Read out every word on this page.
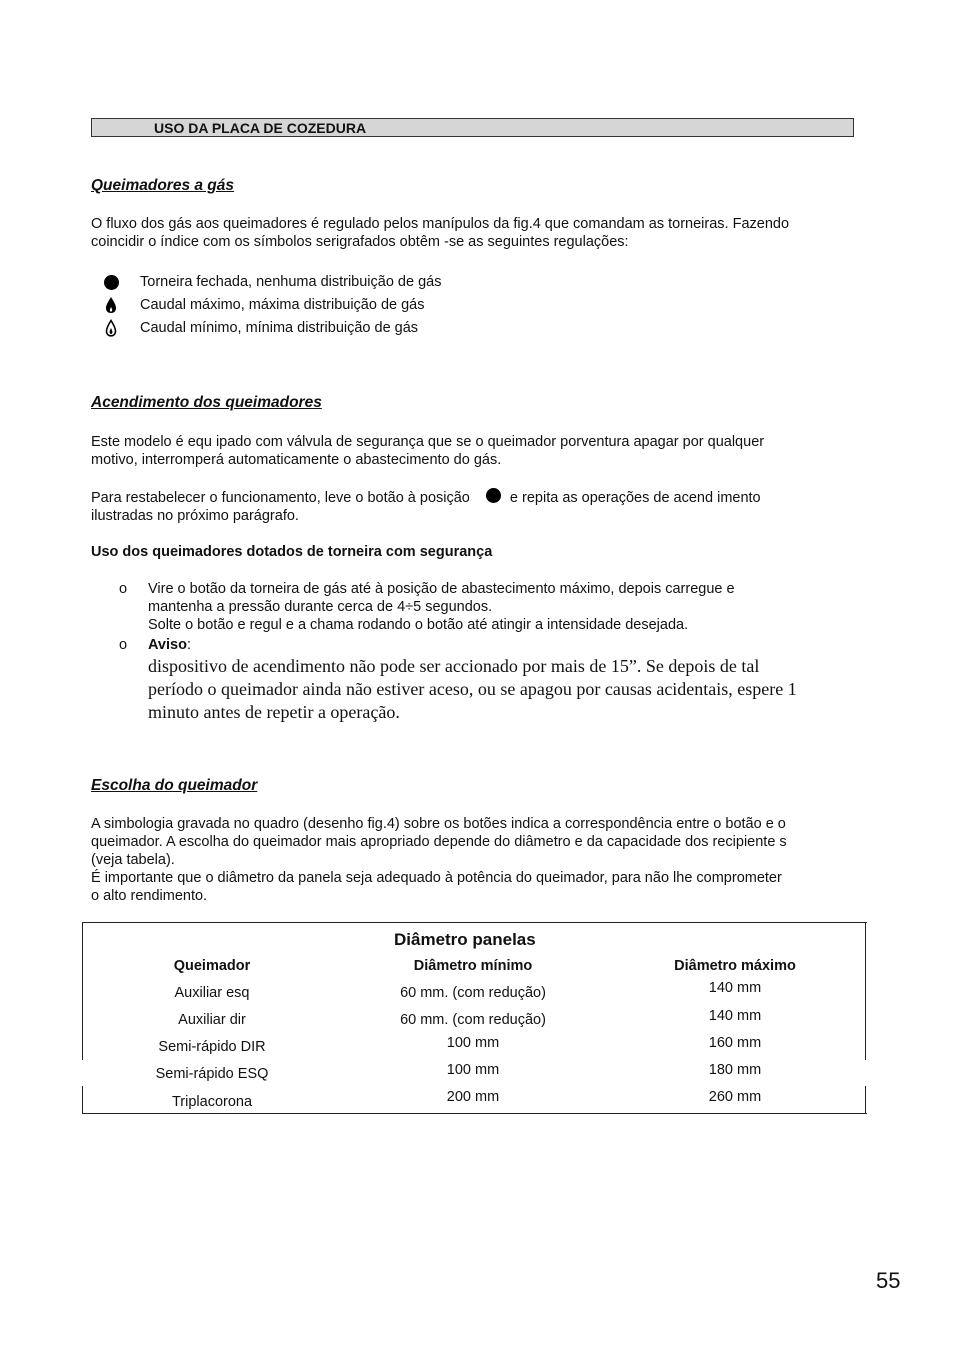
USO DA PLACA DE COZEDURA
Queimadores a gás
O fluxo dos gás aos queimadores é regulado pelos manípulos da fig.4 que comandam as torneiras. Fazendo
coincidir o índice com os símbolos serigrafados obtêm -se as seguintes regulações:
Torneira fechada, nenhuma distribuição de gás
Caudal máximo, máxima distribuição de gás
Caudal mínimo, mínima distribuição de gás
Acendimento dos queimadores
Este modelo é equ ipado com válvula de segurança que se o queimador porventura apagar por qualquer
motivo, interromperá automaticamente o abastecimento do gás.
Para restabelecer o funcionamento, leve o botão à posição	e repita as operações de acend imento
ilustradas no próximo parágrafo.
Uso dos queimadores dotados de torneira com segurança
o Vire o botão da torneira de gás até à posição de abastecimento máximo, depois carregue e
mantenha a pressão durante cerca de 4÷5 segundos.
Solte o botão e regul e a chama rodando o botão até atingir a intensidade desejada.
o Aviso:
dispositivo de acendimento não pode ser accionado por mais de 15”. Se depois de tal
período o queimador ainda não estiver aceso, ou se apagou por causas acidentais, espere 1
minuto antes de repetir a operação.
Escolha do queimador
A simbologia gravada no quadro (desenho fig.4) sobre os botões indica a correspondência entre o botão e o
queimador. A escolha do queimador mais apropriado depende do diâmetro e da capacidade dos recipiente s
(veja tabela).
É importante que o diâmetro da panela seja adequado à potência do queimador, para não lhe comprometer
o alto rendimento.
Diâmetro panelas
Queimador	Diâmetro mínimo	Diâmetro máximo
Auxiliar esq	60 mm. (com redução)	140 mm
Auxiliar dir	60 mm. (com redução)	140 mm
Semi-rápido DIR	100 mm	160 mm
Semi-rápido ESQ	100 mm	180 mm
Triplacorona	200 mm	260 mm
55
